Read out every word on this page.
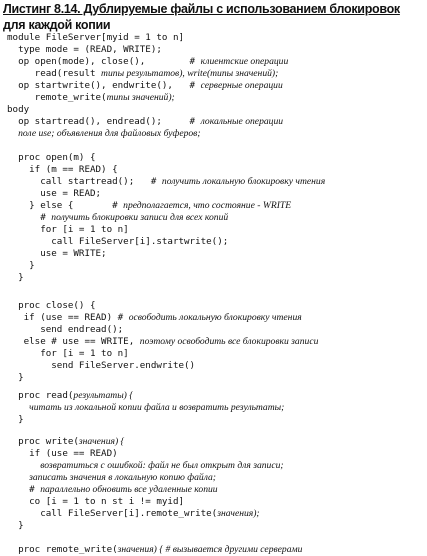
Листинг 8.14. Дублируемые файлы с использованием блокировок
для каждой копии
module FileServer[myid = 1 to n]
type mode = (READ, WRITE);
op open(mode), close(),        # клиентские операции
read(result типы результатов), write(типы значений);
op startwrite(), endwrite(),   # серверные операции
remote_write(типы значений);
body
op startread(), endread();     # локальные операции
поле use; объявления для файловых буферов;
proc open(m) {
if (m == READ) {
call startread();   # получить локальную блокировку чтения
use = READ;
} else {       # предполагается, что состояние - WRITE
# получить блокировки записи для всех копий
for [i = 1 to n]
call FileServer[i].startwrite();
use = WRITE;
}
}
proc close() {
if (use == READ) # освободить локальную блокировку чтения
send endread();
else # use == WRITE, поэтому освободить все блокировки записи
for [i = 1 to n]
send FileServer.endwrite()
}
proc read(результаты) {
читать из локальной копии файла и возвратить результаты;
}
proc write(значения) {
if (use == READ)
возвратиться с ошибкой: файл не был открыт для записи;
записать значения в локальную копию файла;
# параллельно обновить все удаленные копии
co [i = 1 to n st i != myid]
call FileServer[i].remote_write(значения);
}
proc remote_write(значения) { # вызывается другими серверами
